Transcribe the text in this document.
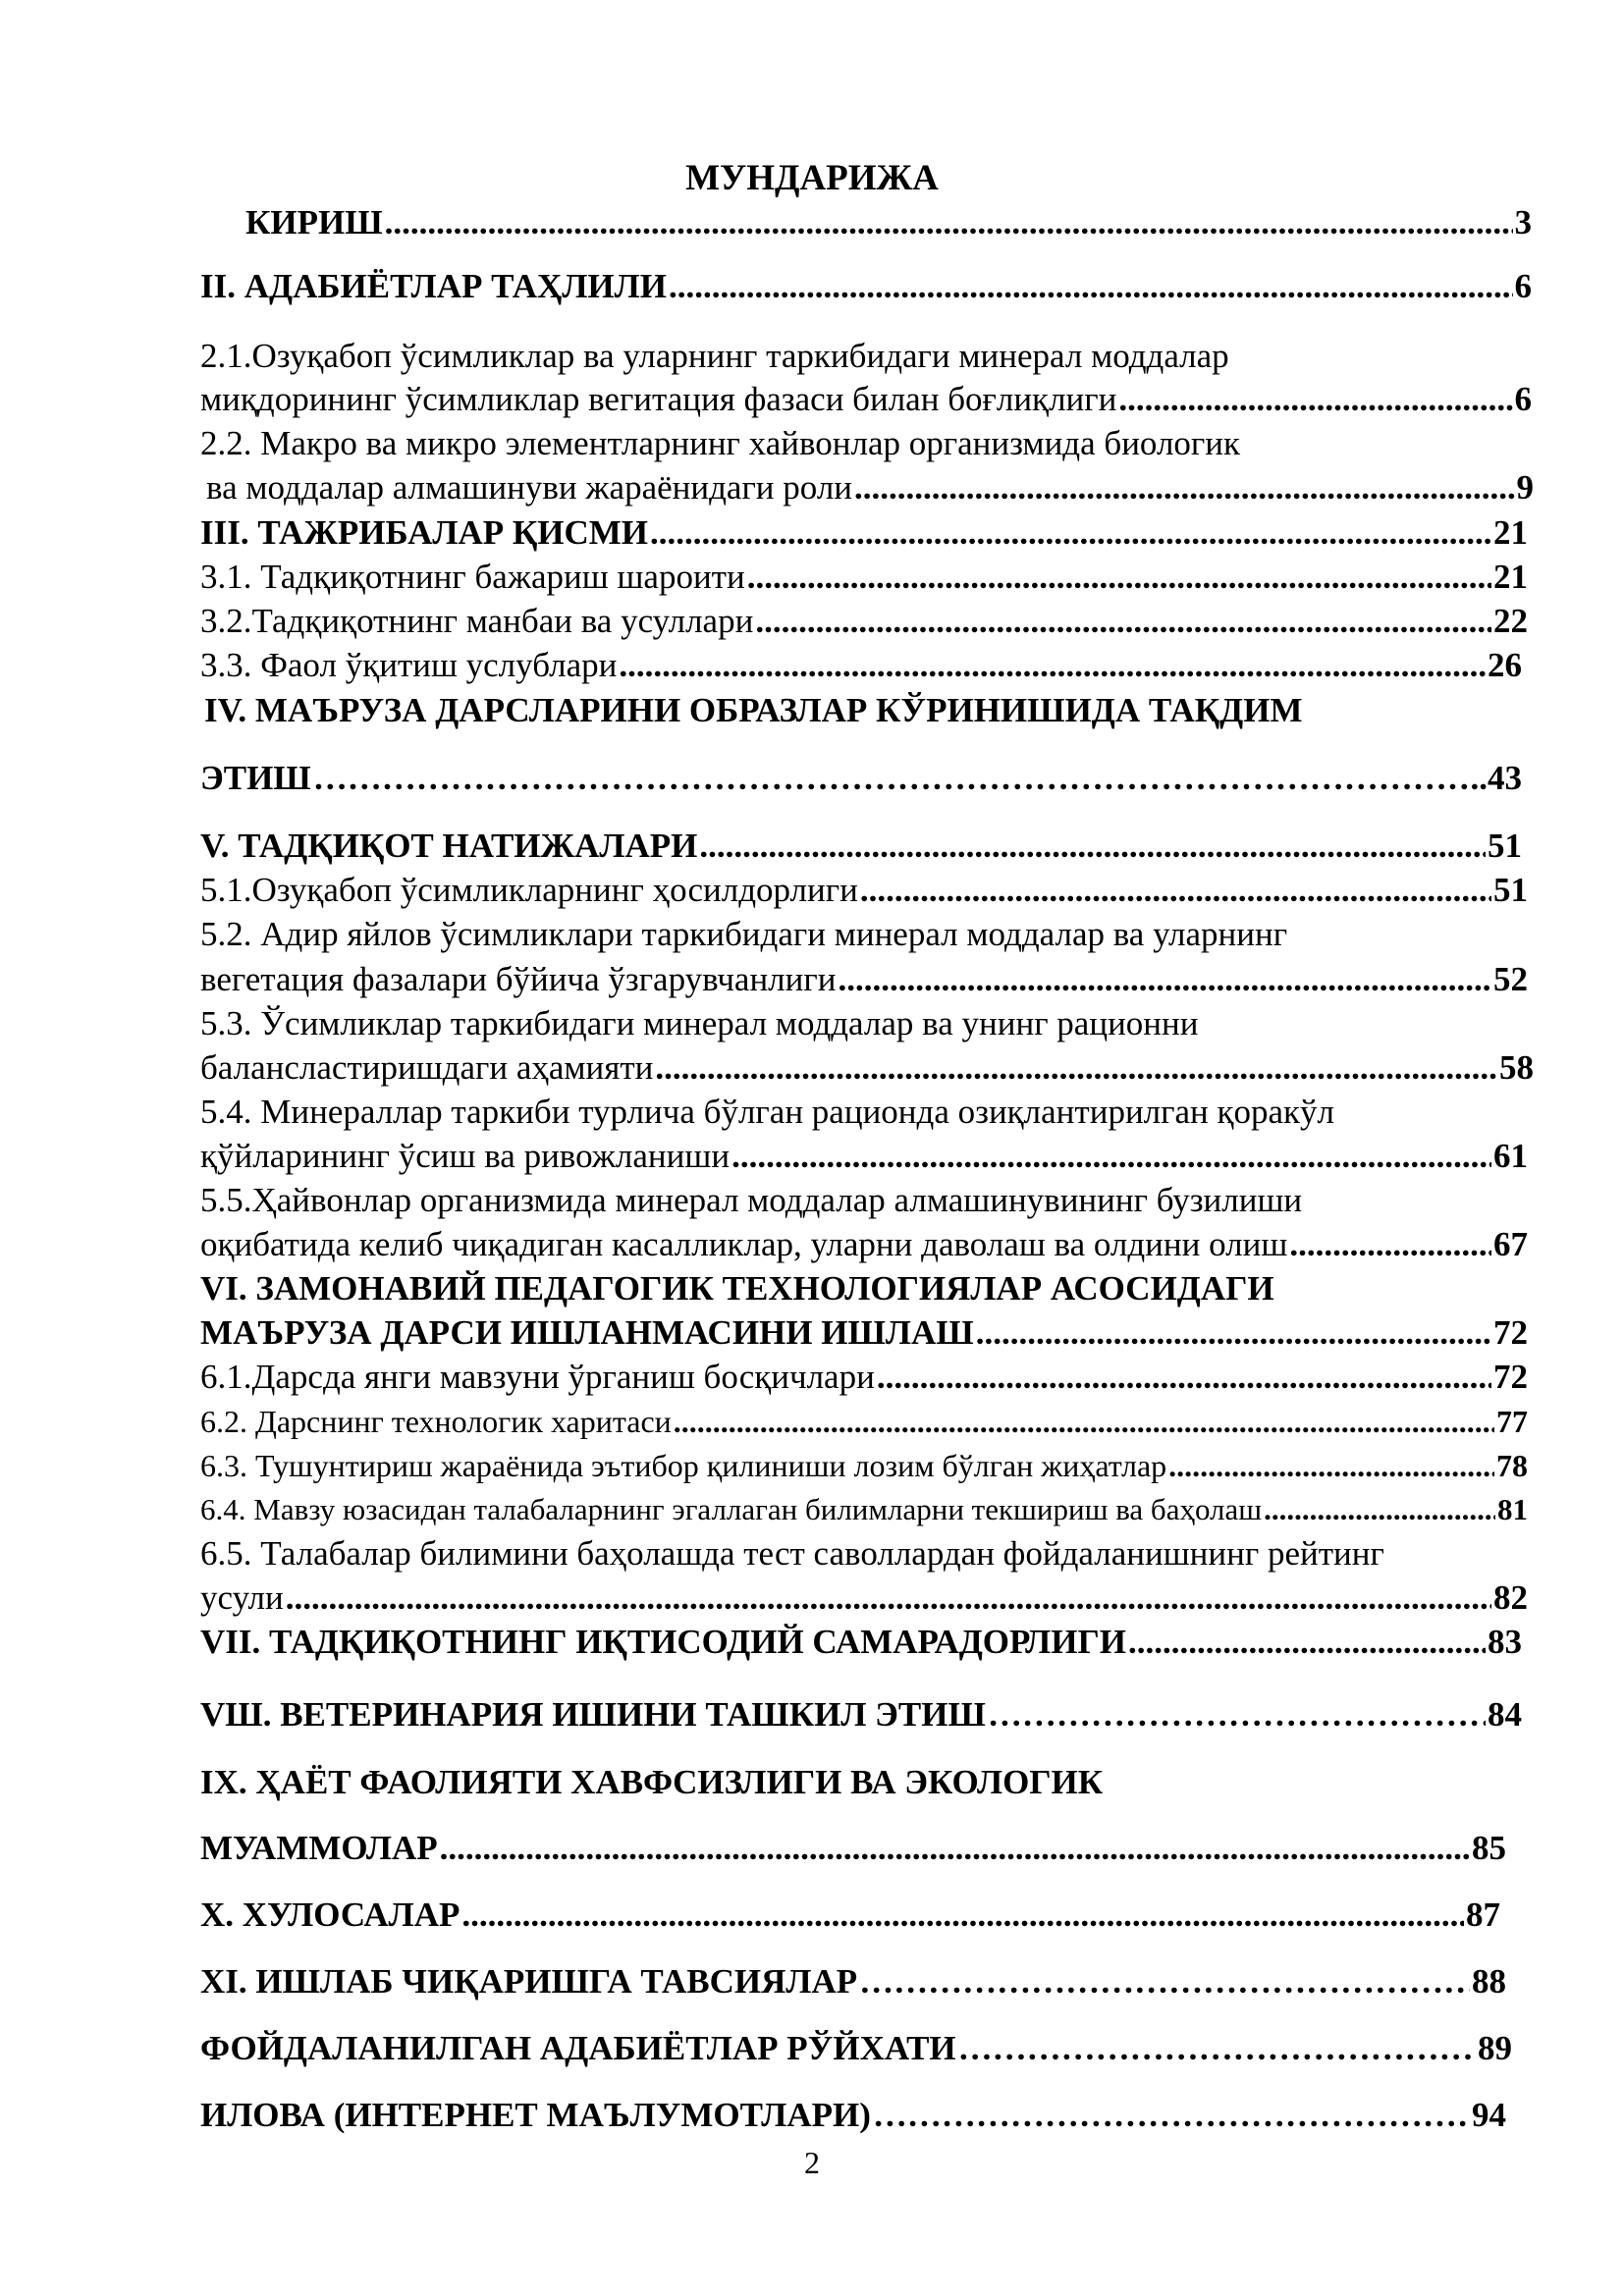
МУНДАРИЖА
КИРИШ .....	3
II. АДАБИЁТЛАР ТАҲЛИЛИ .....	6
2.1.Озуқабоп ўсимликлар ва уларнинг таркибидаги минерал моддалар
миқдорининг ўсимликлар вегитация фазаси билан боғлиқлиги .....	6
2.2. Макро ва микро элементларнинг хайвонлар организмида биологик
ва моддалар алмашинуви жараёнидаги роли .....	9
III. ТАЖРИБАЛАР ҚИСМИ .....	21
3.1. Тадқиқотнинг бажариш шароити .....	21
3.2.Тадқиқотнинг манбаи ва усуллари .....	22
3.3. Фаол ўқитиш услублари .....	26
IV. МАЪРУЗА ДАРСЛАРИНИ ОБРАЗЛАР КЎРИНИШИДА ТАҚДИМ
ЭТИШ ……………………………………………………………………………………………………………………………………………………………………………………………………………………………	..43
V. ТАДҚИҚОТ НАТИЖАЛАРИ .....	51
5.1.Озуқабоп ўсимликларнинг ҳосилдорлиги .....	51
5.2. Адир яйлов ўсимликлари таркибидаги минерал моддалар ва уларнинг
вегетация фазалари бўйича ўзгарувчанлиги .....	52
5.3. Ўсимликлар таркибидаги минерал моддалар ва унинг рационни
балансластиришдаги аҳамияти .....	58
5.4. Минераллар таркиби турлича бўлган рационда озиқлантирилган қоракўл
қўйларининг ўсиш ва ривожланиши .....	61
5.5.Ҳайвонлар организмида минерал моддалар алмашинувининг бузилиши
оқибатида келиб чиқадиган касалликлар, уларни даволаш ва олдини олиш .....	67
VI. ЗАМОНАВИЙ ПЕДАГОГИК ТЕХНОЛОГИЯЛАР АСОСИДАГИ
МАЪРУЗА ДАРСИ ИШЛАНМАСИНИ ИШЛАШ .....	72
6.1.Дарсда янги мавзуни ўрганиш босқичлари .....	72
6.2. Дарснинг технологик харитаси .....	77
6.3. Тушунтириш жараёнида эътибор қилиниши лозим бўлган жиҳатлар .....	78
6.4. Мавзу юзасидан талабаларнинг эгаллаган билимларни текшириш ва баҳолаш .....	81
6.5. Талабалар билимини баҳолашда тест саволлардан фойдаланишнинг рейтинг
усули .....	82
VII. ТАДҚИҚОТНИНГ ИҚТИСОДИЙ САМАРАДОРЛИГИ .....	83
VШ. ВЕТЕРИНАРИЯ ИШИНИ ТАШКИЛ ЭТИШ ……………………………………………………………………………………………………………………………………………………………………………………………………………………………	84
IX. ҲАЁТ ФАОЛИЯТИ ХАВФСИЗЛИГИ ВА ЭКОЛОГИК
МУАММОЛАР .....	85
X. ХУЛОСАЛАР .....	87
XI. ИШЛАБ ЧИҚАРИШГА ТАВСИЯЛАР ……………………………………………………………………………………………………………………………………………………………………………………………………………………………	88
ФОЙДАЛАНИЛГАН АДАБИЁТЛАР РЎЙХАТИ ……………………………………………………………………………………………………………………………………………………………………………………………………………………………	89
ИЛОВА (ИНТЕРНЕТ МАЪЛУМОТЛАРИ) ……………………………………………………………………………………………………………………………………………………………………………………………………………………………	94
2
